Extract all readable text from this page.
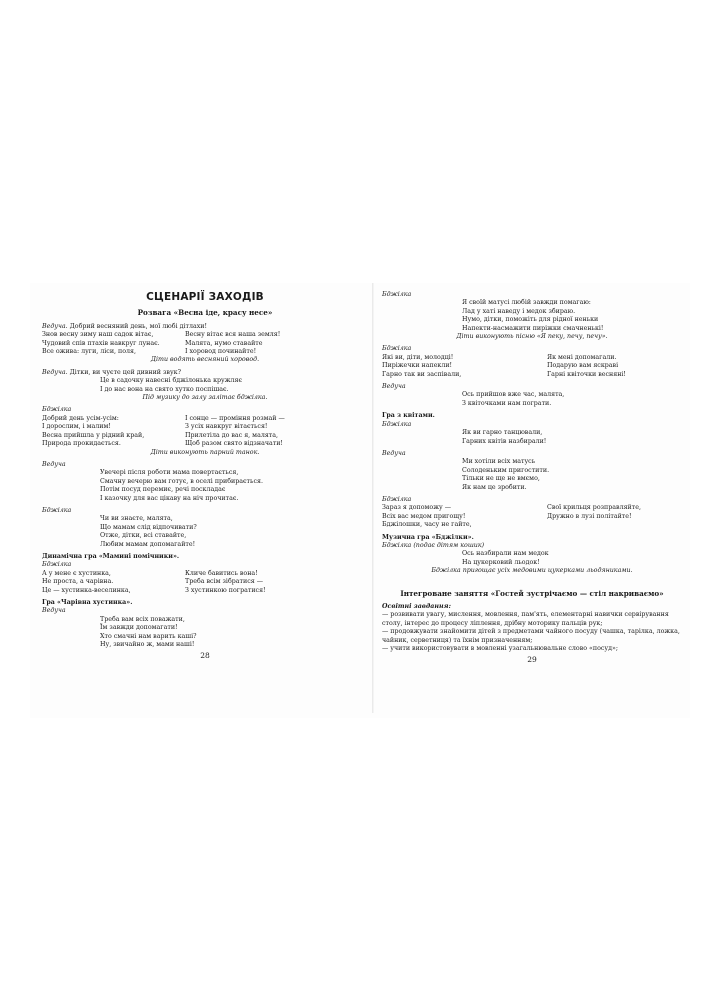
СЦЕНАРІЇ ЗАХОДІВ
Розвага «Весна іде, красу несе»
Ведуча. Добрий весняний день, мої любі дітлахи!
Знов весну зиму наш садок вітає,	Весну вітає вся наша земля!
Чудовий спів птахів навкруг лунає.	Малята, нумо ставайте
Все ожива: луги, ліси, поля,	І хоровод починайте!
Діти водять весняний хоровод.
Ведуча. Дітки, ви чуєте цей дивний звук?
Це в садочку навесні бджілонька кружляє
І до нас вона на свято хутко поспішає.
Під музику до залу залітає бджілка.
Бджілка
Добрий день усім-усім:	І сонце — проміння розмай —
І дорослим, і малим!	З усіх навкруг вітається!
Весна прийшла у рідний край,	Прилетіла до вас я, малята,
Природа прокидається.	Щоб разом свято відзначати!
Діти виконують парний танок.
Ведуча
Увечері після роботи мама повертається,
Смачну вечерю вам готує, в оселі прибирається.
Потім посуд перемиє, речі поскладає
І казочку для вас цікаву на ніч прочитає.
Бджілка
Чи ви знаєте, малята,
Що мамам слід відпочивати?
Отже, дітки, всі ставайте,
Любим мамам допомагайте!
Динамічна гра «Мамині помічники».
Бджілка
А у мене є хустинка,	Кличе бавитись вона!
Не проста, а чарівна.	Треба всім зібратися —
Це — хустинка-веселинка,	З хустинкою погратися!
Гра «Чарівна хустинка».
Ведуча
Треба вам всіх поважати,
Їм завжди допомагати!
Хто смачні нам варить каші?
Ну, звичайно ж, мами наші!
28
Бджілка
Я своїй матусі любій завжди помагаю:
Лад у хаті наведу і медок збираю.
Нумо, дітки, поможіть для рідної неньки
Напекти-насмажити пиріжки смачненькі!
Діти виконують пісню «Я пеку, печу, печу».
Бджілка
Які ви, діти, молодці!	Як мені допомагали.
Пиріжечки напекли!	Подарую вам яскраві
Гарно так ви заспівали,	Гарні квіточки весняні!
Ведуча
Ось прийшов вже час, малята,
З квіточками нам пограти.
Гра з квітами.
Бджілка
Як ви гарно танцювали,
Гарних квітів назбирали!
Ведуча
Ми хотіли всіх матусь
Солоденьким пригостити.
Тільки не ще не вмємо,
Як нам це зробити.
Бджілка
Зараз я допоможу —	Свої крильця розправляйте,
Всіх вас медом пригощу!	Дружно в лузі політайте!
Бджілошки, часу не гайте,
Музична гра «Бджілки».
Бджілка (подає дітям кошик)
Ось назбирали нам медок
На цукерковий льодок!
Бджілка пригощає усіх медовими цукерками льодяниками.
Інтегроване заняття «Гостей зустрічаємо — стіл накриваємо»
Освітні завдання:
— розвивати увагу, мислення, мовлення, пам'ять, елементарні навички сервірування столу, інтерес до процесу ліплення, дрібну моторику пальців рук;
— продовжувати знайомити дітей з предметами чайного посуду (чашка, тарілка, ложка, чайник, серветниця) та їхнім призначенням;
— учити використовувати в мовленні узагальнювальне слово «посуд»;
29
